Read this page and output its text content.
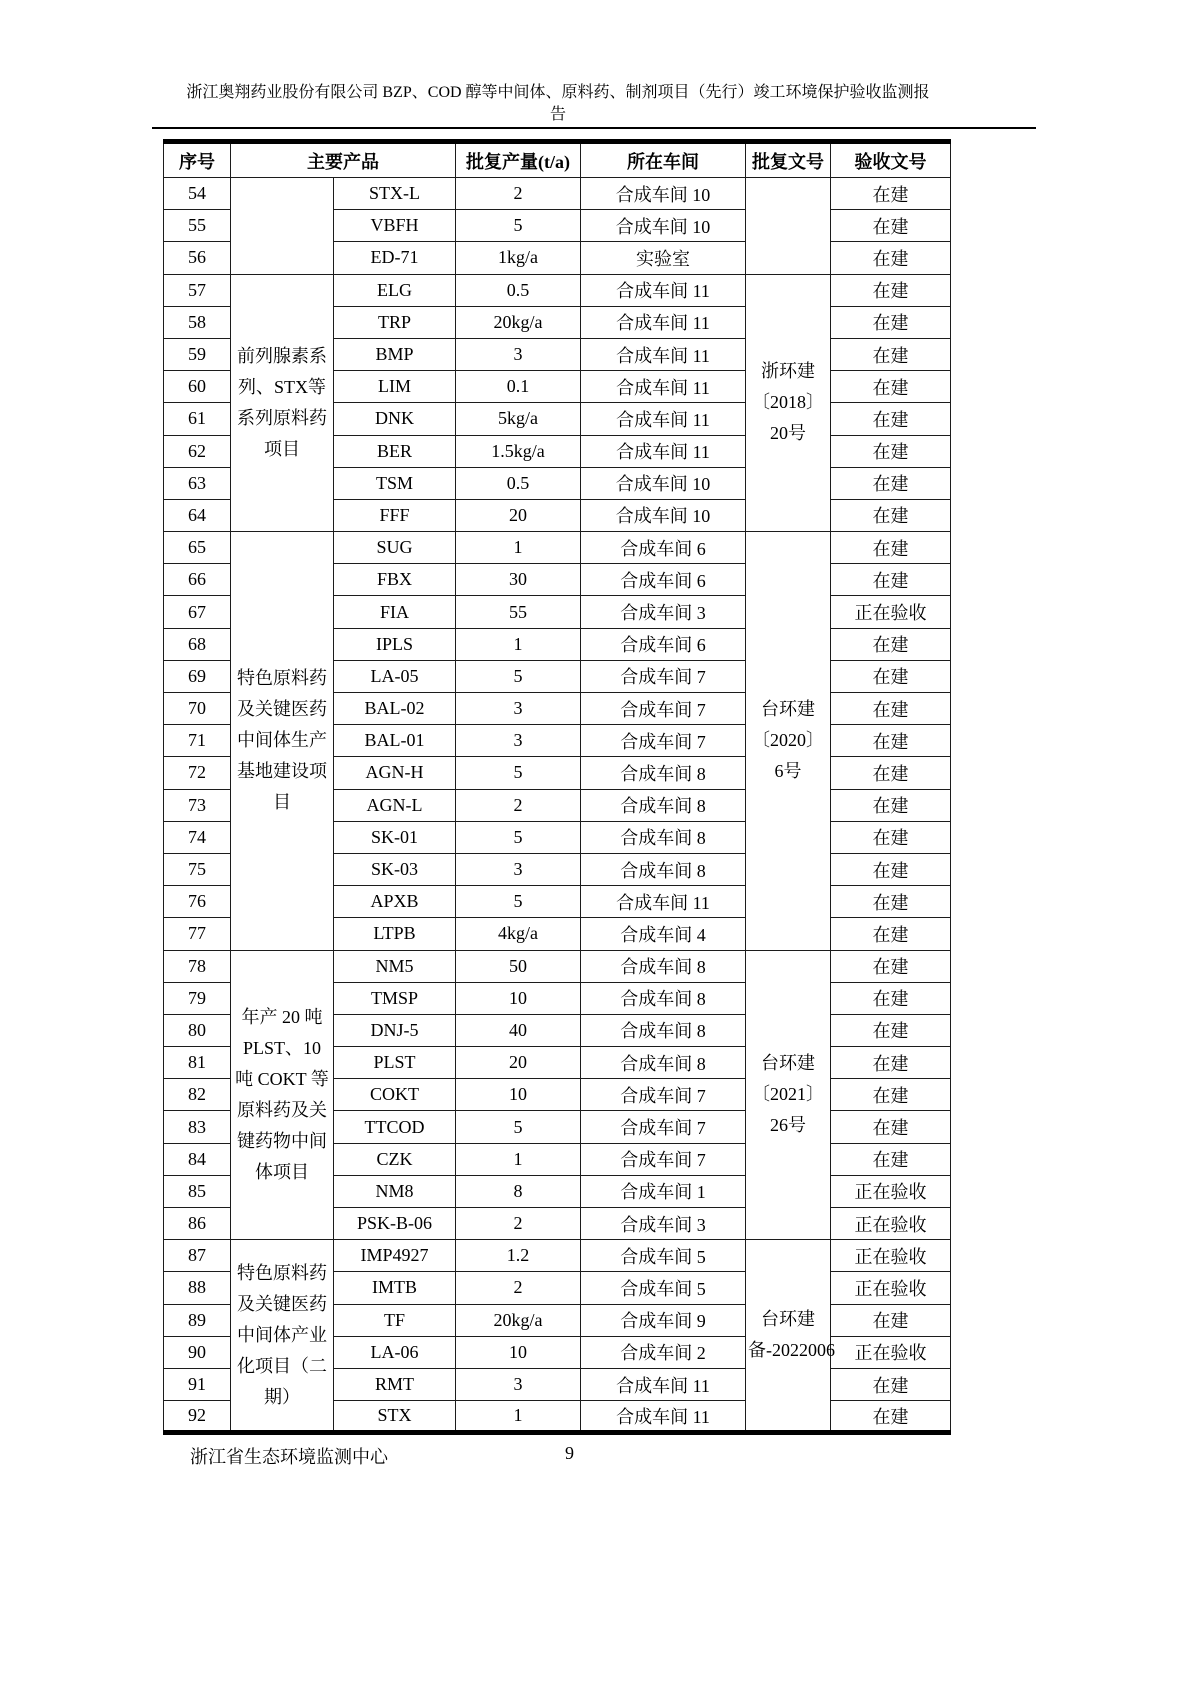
浙江奥翔药业股份有限公司 BZP、COD 醇等中间体、原料药、制剂项目（先行）竣工环境保护验收监测报
告
序号	主要产品		批复产量(t/a)	所在车间	批复文号	验收文号
54		STX-L	2	合成车间 10		在建
55		VBFH	5	合成车间 10		在建
56		ED-71	1kg/a	实验室		在建
57	前列腺素系列、STX等系列原料药项目	ELG	0.5	合成车间 11	浙环建〔2018〕20号	在建
58		TRP	20kg/a	合成车间 11		在建
59		BMP	3	合成车间 11		在建
60		LIM	0.1	合成车间 11		在建
61		DNK	5kg/a	合成车间 11		在建
62		BER	1.5kg/a	合成车间 11		在建
63		TSM	0.5	合成车间 10		在建
64		FFF	20	合成车间 10		在建
65	特色原料药及关键医药中间体生产基地建设项目	SUG	1	合成车间 6	台环建〔2020〕6号	在建
66		FBX	30	合成车间 6		在建
67		FIA	55	合成车间 3		正在验收
68		IPLS	1	合成车间 6		在建
69		LA-05	5	合成车间 7		在建
70		BAL-02	3	合成车间 7		在建
71		BAL-01	3	合成车间 7		在建
72		AGN-H	5	合成车间 8		在建
73		AGN-L	2	合成车间 8		在建
74		SK-01	5	合成车间 8		在建
75		SK-03	3	合成车间 8		在建
76		APXB	5	合成车间 11		在建
77		LTPB	4kg/a	合成车间 4		在建
78	年产 20 吨 PLST、10 吨 COKT 等原料药及关键药物中间体项目	NM5	50	合成车间 8	台环建〔2021〕26号	在建
79		TMSP	10	合成车间 8		在建
80		DNJ-5	40	合成车间 8		在建
81		PLST	20	合成车间 8		在建
82		COKT	10	合成车间 7		在建
83		TTCOD	5	合成车间 7		在建
84		CZK	1	合成车间 7		在建
85		NM8	8	合成车间 1		正在验收
86		PSK-B-06	2	合成车间 3		正在验收
87	特色原料药及关键医药中间体产业化项目（二期）	IMP4927	1.2	合成车间 5	台环建备-2022006	正在验收
88		IMTB	2	合成车间 5		正在验收
89		TF	20kg/a	合成车间 9		在建
90		LA-06	10	合成车间 2		正在验收
91		RMT	3	合成车间 11		在建
92		STX	1	合成车间 11		在建
浙江省生态环境监测中心	9
